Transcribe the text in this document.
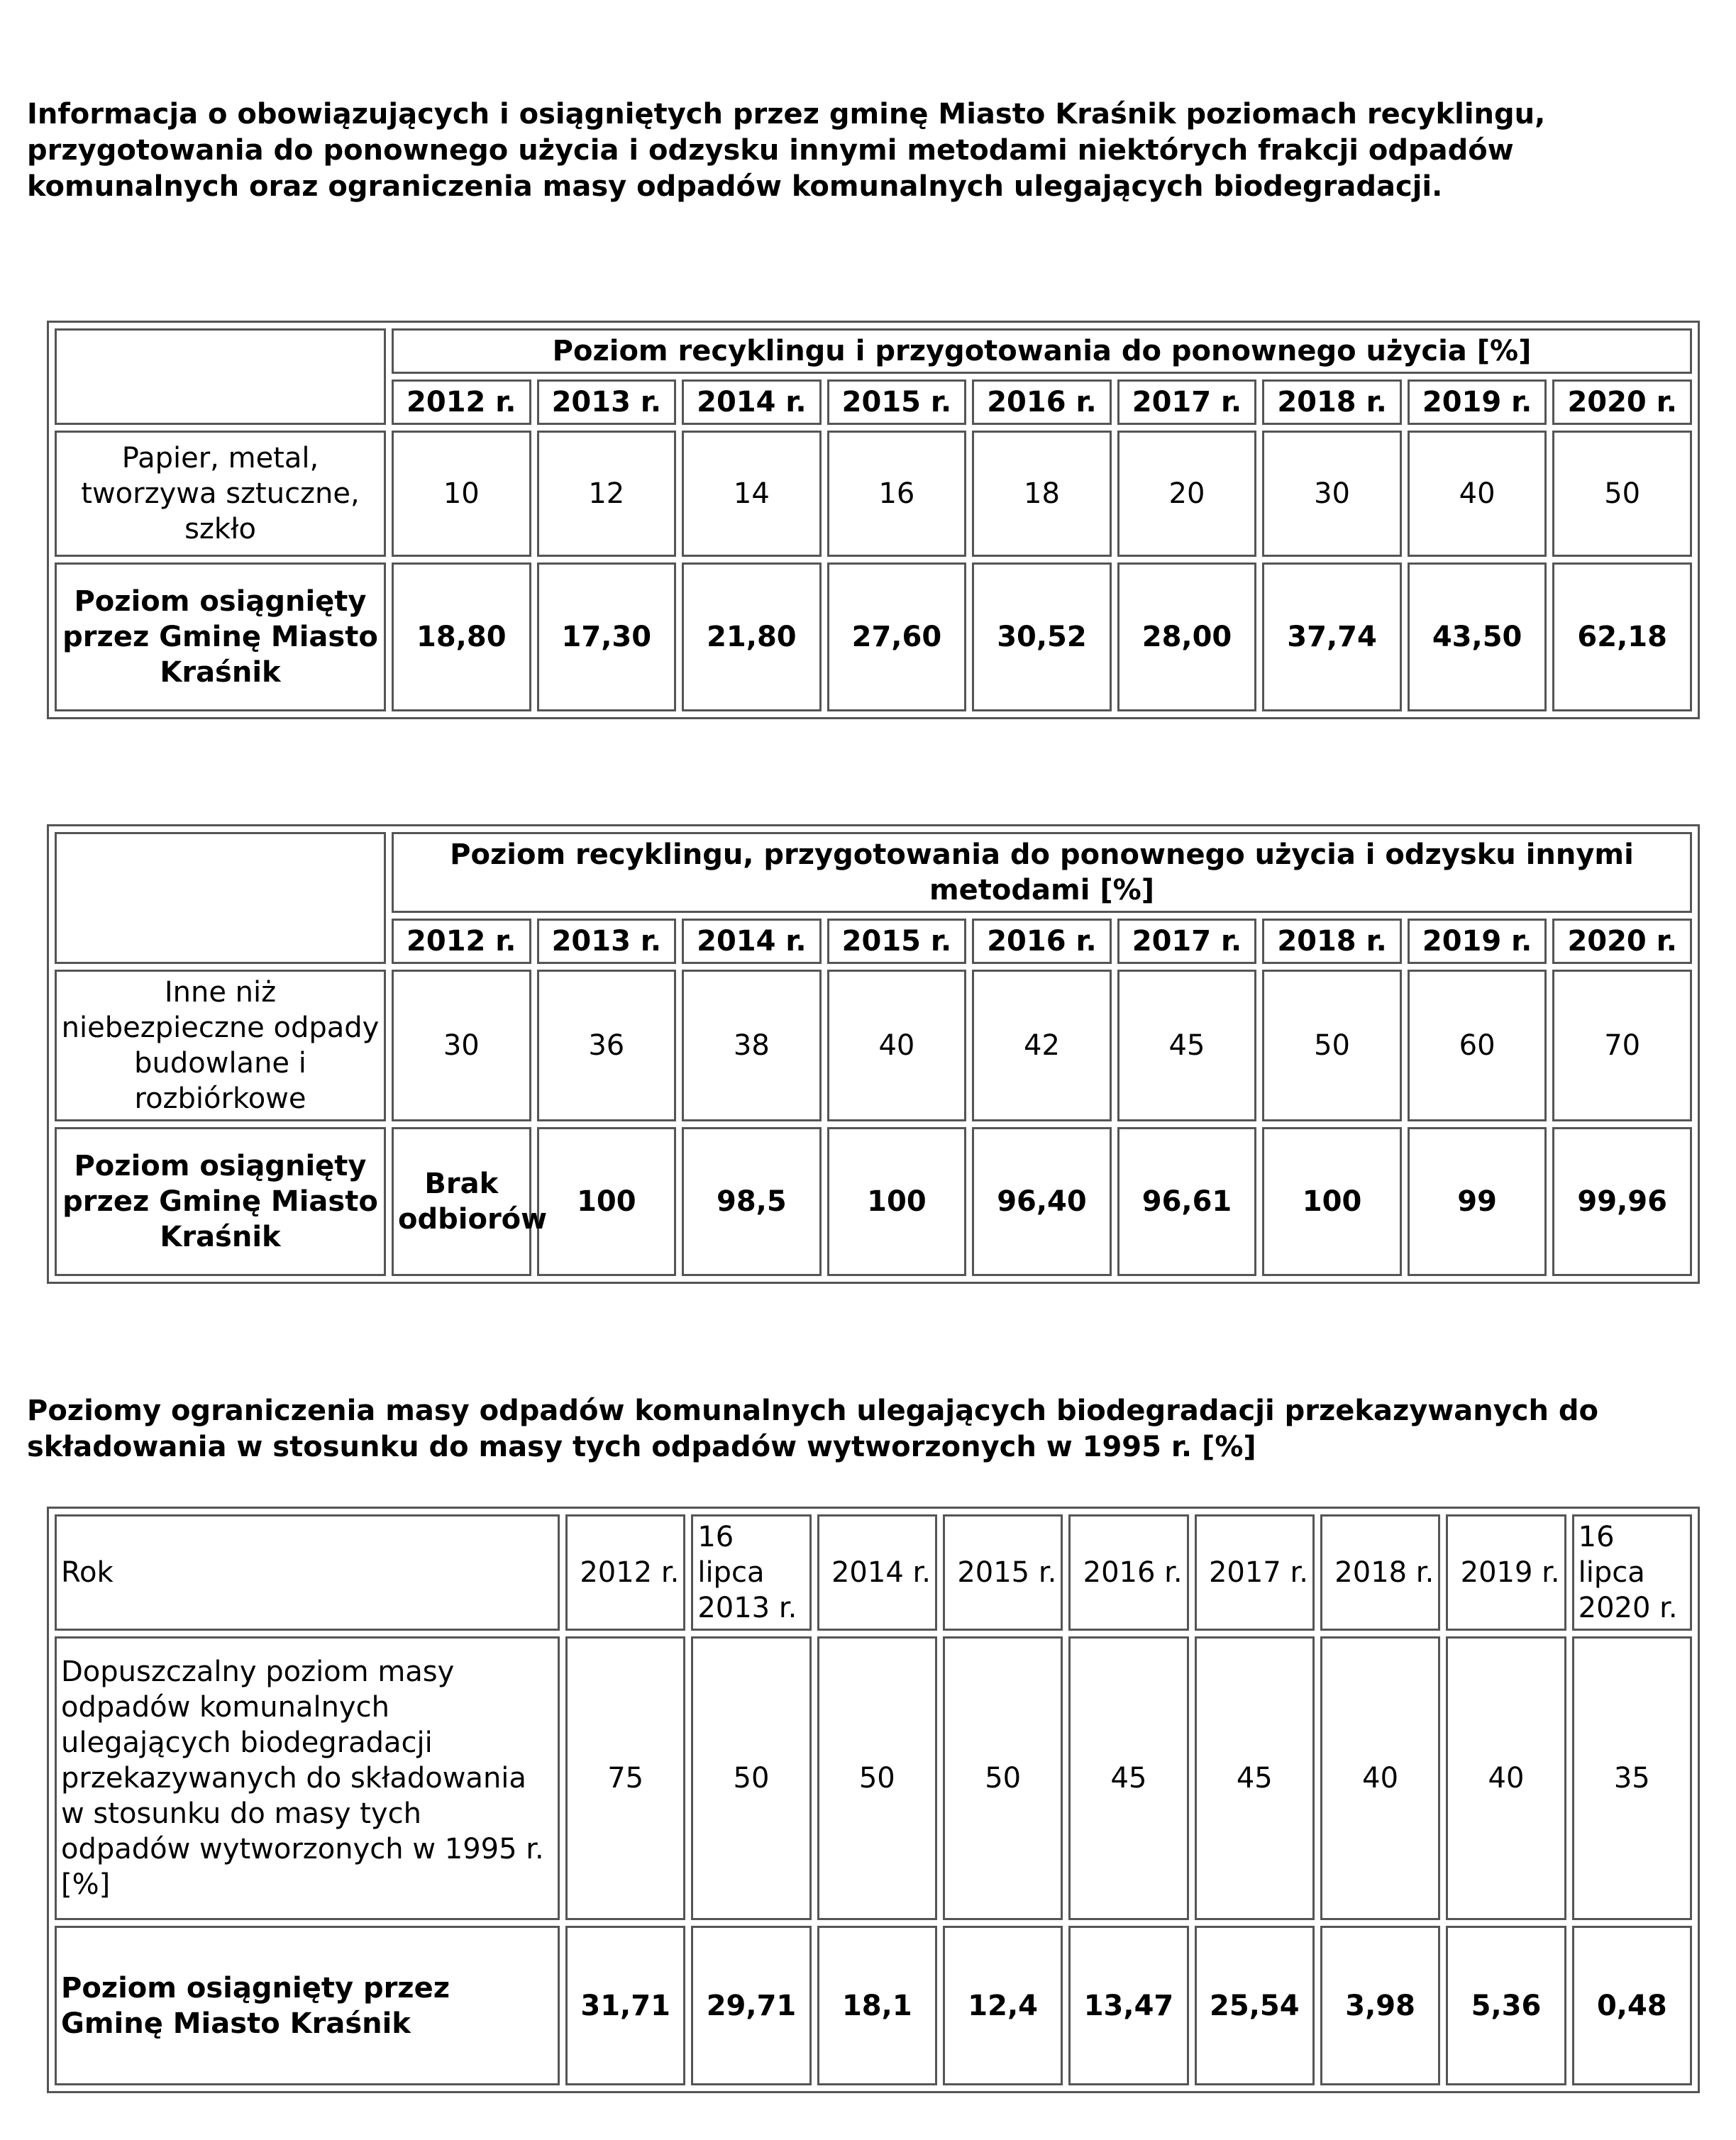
Informacja o obowiązujących i osiągniętych przez gminę Miasto Kraśnik poziomach recyklingu, przygotowania do ponownego użycia i odzysku innymi metodami niektórych frakcji odpadów komunalnych oraz ograniczenia masy odpadów komunalnych ulegających biodegradacji.

	Poziom recyklingu i przygotowania do ponownego użycia [%]								
	2012 r.	2013 r.	2014 r.	2015 r.	2016 r.	2017 r.	2018 r.	2019 r.	2020 r.
Papier, metal, tworzywa sztuczne, szkło	10	12	14	16	18	20	30	40	50
Poziom osiągnięty przez Gminę Miasto Kraśnik	18,80	17,30	21,80	27,60	30,52	28,00	37,74	43,50	62,18
	Poziom recyklingu, przygotowania do ponownego użycia i odzysku innymi metodami [%]								
	2012 r.	2013 r.	2014 r.	2015 r.	2016 r.	2017 r.	2018 r.	2019 r.	2020 r.
Inne niż niebezpieczne odpady budowlane i rozbiórkowe	30	36	38	40	42	45	50	60	70
Poziom osiągnięty przez Gminę Miasto Kraśnik	Brak odbiorów	100	98,5	100	96,40	96,61	100	99	99,96

Poziomy ograniczenia masy odpadów komunalnych ulegających biodegradacji przekazywanych do składowania w stosunku do masy tych odpadów wytworzonych w 1995 r. [%]

Rok	2012 r.	16 lipca 2013 r.	2014 r.	2015 r.	2016 r.	2017 r.	2018 r.	2019 r.	16 lipca 2020 r.
Dopuszczalny poziom masy odpadów komunalnych ulegających biodegradacji przekazywanych do składowania w stosunku do masy tych odpadów wytworzonych w 1995 r. [%]	75	50	50	50	45	45	40	40	35
Poziom osiągnięty przez Gminę Miasto Kraśnik	31,71	29,71	18,1	12,4	13,47	25,54	3,98	5,36	0,48
